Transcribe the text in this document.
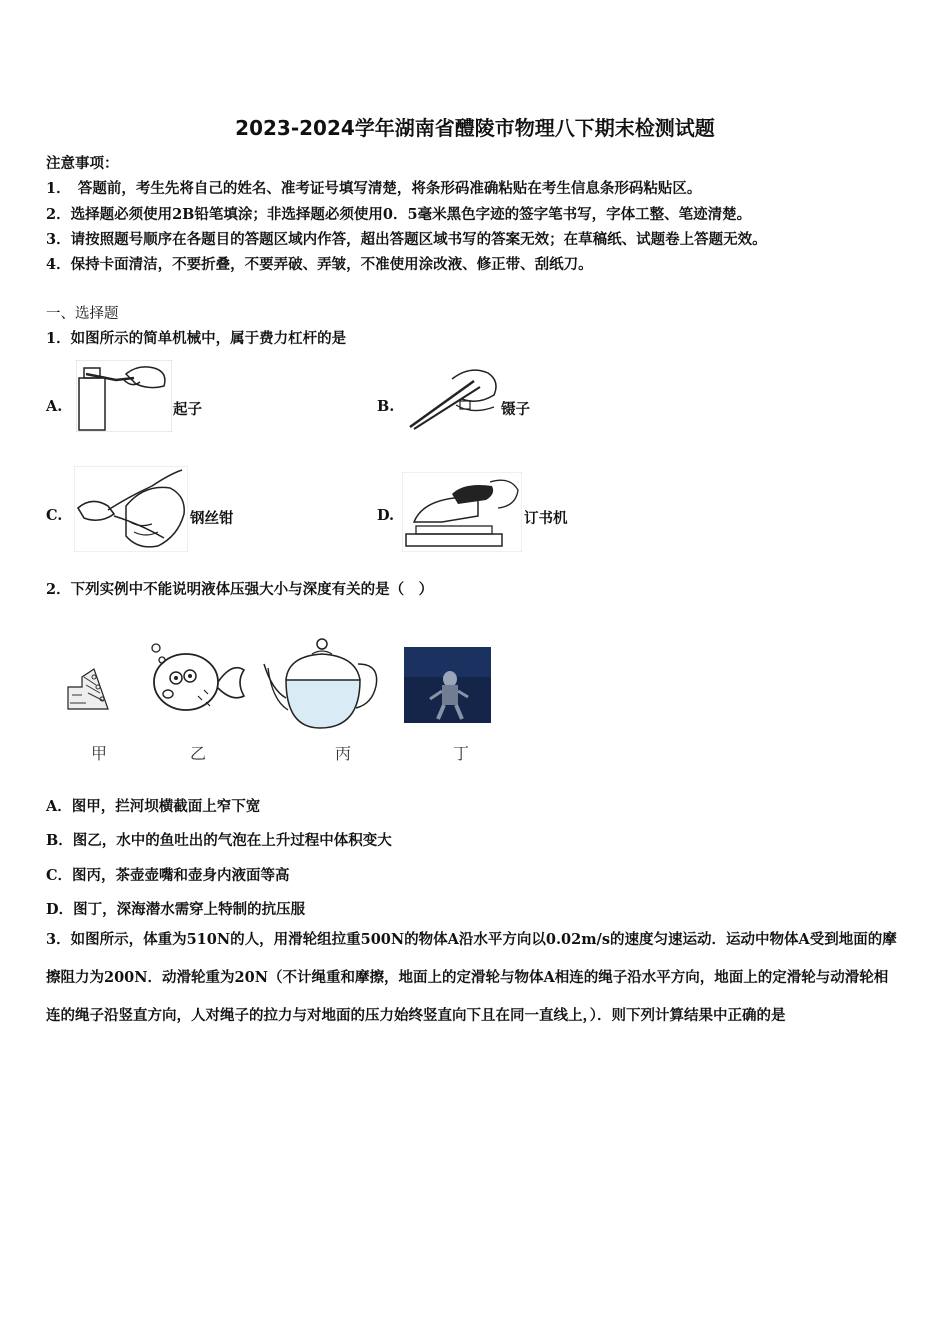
2023-2024学年湖南省醴陵市物理八下期末检测试题
注意事项：
1．　答题前，考生先将自己的姓名、准考证号填写清楚，将条形码准确粘贴在考生信息条形码粘贴区。
2．选择题必须使用2B铅笔填涂；非选择题必须使用0．5毫米黑色字迹的签字笔书写，字体工整、笔迹清楚。
3．请按照题号顺序在各题目的答题区域内作答，超出答题区域书写的答案无效；在草稿纸、试题卷上答题无效。
4．保持卡面清洁，不要折叠，不要弄破、弄皱，不准使用涂改液、修正带、刮纸刀。
一、选择题
1．如图所示的简单机械中，属于费力杠杆的是
A.	起子	B.	镊子
C.	钢丝钳	D.	订书机
2．下列实例中不能说明液体压强大小与深度有关的是（　）
甲	乙	丙	丁
A．图甲，拦河坝横截面上窄下宽
B．图乙，水中的鱼吐出的气泡在上升过程中体积变大
C．图丙，茶壶壶嘴和壶身内液面等高
D．图丁，深海潜水需穿上特制的抗压服
3．如图所示，体重为510N的人，用滑轮组拉重500N的物体A沿水平方向以0.02m/s的速度匀速运动．运动中物体A受到地面的摩擦阻力为200N．动滑轮重为20N（不计绳重和摩擦，地面上的定滑轮与物体A相连的绳子沿水平方向，地面上的定滑轮与动滑轮相连的绳子沿竖直方向，人对绳子的拉力与对地面的压力始终竖直向下且在同一直线上，）．则下列计算结果中正确的是
